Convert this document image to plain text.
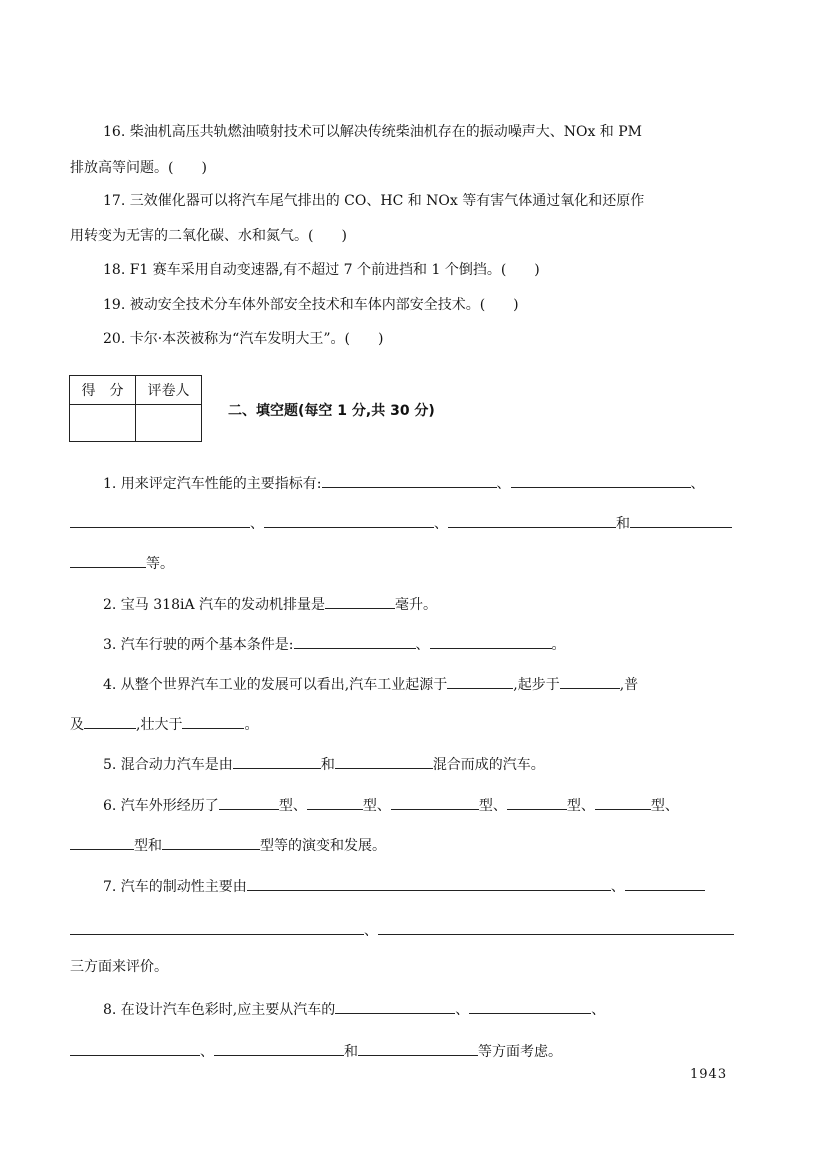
16. 柴油机高压共轨燃油喷射技术可以解决传统柴油机存在的振动噪声大、NOx 和 PM
排放高等问题。(　　)
17. 三效催化器可以将汽车尾气排出的 CO、HC 和 NOx 等有害气体通过氧化和还原作
用转变为无害的二氧化碳、水和氮气。(　　)
18. F1 赛车采用自动变速器,有不超过 7 个前进挡和 1 个倒挡。(　　)
19. 被动安全技术分车体外部安全技术和车体内部安全技术。(　　)
20. 卡尔·本茨被称为“汽车发明大王”。(　　)
得　分	评卷人

二、填空题(每空 1 分,共 30 分)
1. 用来评定汽车性能的主要指标有:	、	、
、	、	和
等。
2. 宝马 318iA 汽车的发动机排量是	毫升。
3. 汽车行驶的两个基本条件是:	、	。
4. 从整个世界汽车工业的发展可以看出,汽车工业起源于	,起步于	,普
及	,壮大于	。
5. 混合动力汽车是由	和	混合而成的汽车。
6. 汽车外形经历了	型、	型、	型、	型、	型、
型和	型等的演变和发展。
7. 汽车的制动性主要由	、
、
三方面来评价。
8. 在设计汽车色彩时,应主要从汽车的	、	、
、	和	等方面考虑。
1943
